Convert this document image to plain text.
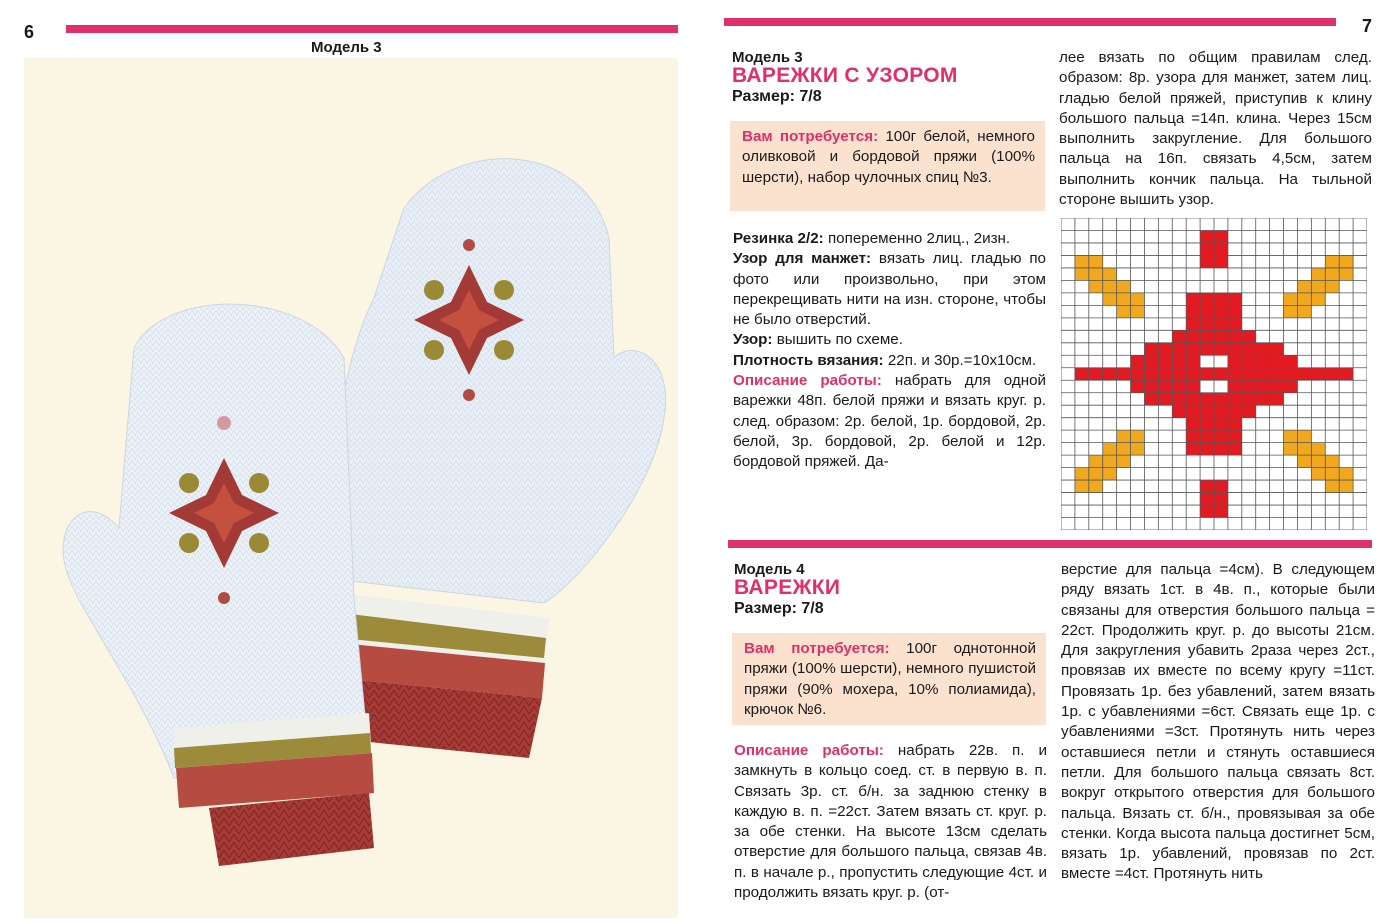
6
Модель 3
7
Модель 3
ВАРЕЖКИ С УЗОРОМ
Размер: 7/8
Вам потребуется: 100г белой, немного оливковой и бордовой пряжи (100% шерсти), набор чулочных спиц №3.
Резинка 2/2: попеременно 2лиц., 2изн.
Узор для манжет: вязать лиц. гладью по фото или произвольно, при этом перекрещивать нити на изн. стороне, чтобы не было отверстий.
Узор: вышить по схеме.
Плотность вязания: 22п. и 30р.=10х10см.
Описание работы: набрать для одной варежки 48п. белой пряжи и вязать круг. р. след. образом: 2р. белой, 1р. бордовой, 2р. белой, 3р. бордовой, 2р. белой и 12р. бордовой пряжей. Да-
лее вязать по общим правилам след. образом: 8р. узора для манжет, затем лиц. гладью белой пряжей, приступив к клину большого пальца =14п. клина. Через 15см выполнить закругление. Для большого пальца на 16п. связать 4,5см, затем выполнить кончик пальца. На тыльной стороне вышить узор.
Модель 4
ВАРЕЖКИ
Размер: 7/8
Вам потребуется: 100г однотонной пряжи (100% шерсти), немного пушистой пряжи (90% мохера, 10% полиамида), крючок №6.
Описание работы: набрать 22в. п. и замкнуть в кольцо соед. ст. в первую в. п. Связать 3р. ст. б/н. за заднюю стенку в каждую в. п. =22ст. Затем вязать ст. круг. р. за обе стенки. На высоте 13см сделать отверстие для большого пальца, связав 4в. п. в начале р., пропустить следующие 4ст. и продолжить вязать круг. р. (от-
верстие для пальца =4см). В следующем ряду вязать 1ст. в 4в. п., которые были связаны для отверстия большого пальца = 22ст. Продолжить круг. р. до высоты 21см. Для закругления убавить 2раза через 2ст., провязав их вместе по всему кругу =11ст. Провязать 1р. без убавлений, затем вязать 1р. с убавлениями =6ст. Связать еще 1р. с убавлениями =3ст. Протянуть нить через оставшиеся петли и стянуть оставшиеся петли. Для большого пальца связать 8ст. вокруг открытого отверстия для большого пальца. Вязать ст. б/н., провязывая за обе стенки. Когда высота пальца достигнет 5см, вязать 1р. убавлений, провязав по 2ст. вместе =4ст. Протянуть нить
